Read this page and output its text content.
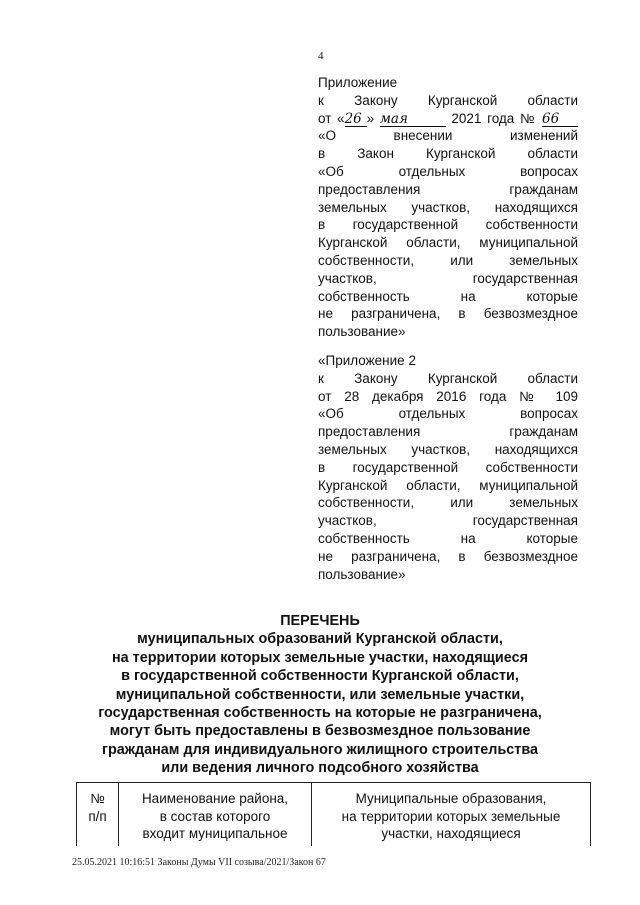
4
Приложение
к Закону Курганской области
от «26 » мая	2021 года № 66
«О внесении изменений
в Закон Курганской области
«Об отдельных вопросах
предоставления гражданам
земельных участков, находящихся
в государственной собственности
Курганской области, муниципальной
собственности, или земельных
участков, государственная
собственность на которые
не разграничена, в безвозмездное
пользование»
«Приложение 2
к Закону Курганской области
от 28 декабря 2016 года № 109
«Об отдельных вопросах
предоставления гражданам
земельных участков, находящихся
в государственной собственности
Курганской области, муниципальной
собственности, или земельных
участков, государственная
собственность на которые
не разграничена, в безвозмездное
пользование»
ПЕРЕЧЕНЬ
муниципальных образований Курганской области,
на территории которых земельные участки, находящиеся
в государственной собственности Курганской области,
муниципальной собственности, или земельные участки,
государственная собственность на которые не разграничена,
могут быть предоставлены в безвозмездное пользование
гражданам для индивидуального жилищного строительства
или ведения личного подсобного хозяйства
№
п/п

Наименование района,
в состав которого
входит муниципальное

Муниципальные образования,
на территории которых земельные
участки, находящиеся
25.05.2021 10:16:51 Законы Думы VII созыва/2021/Закон 67
